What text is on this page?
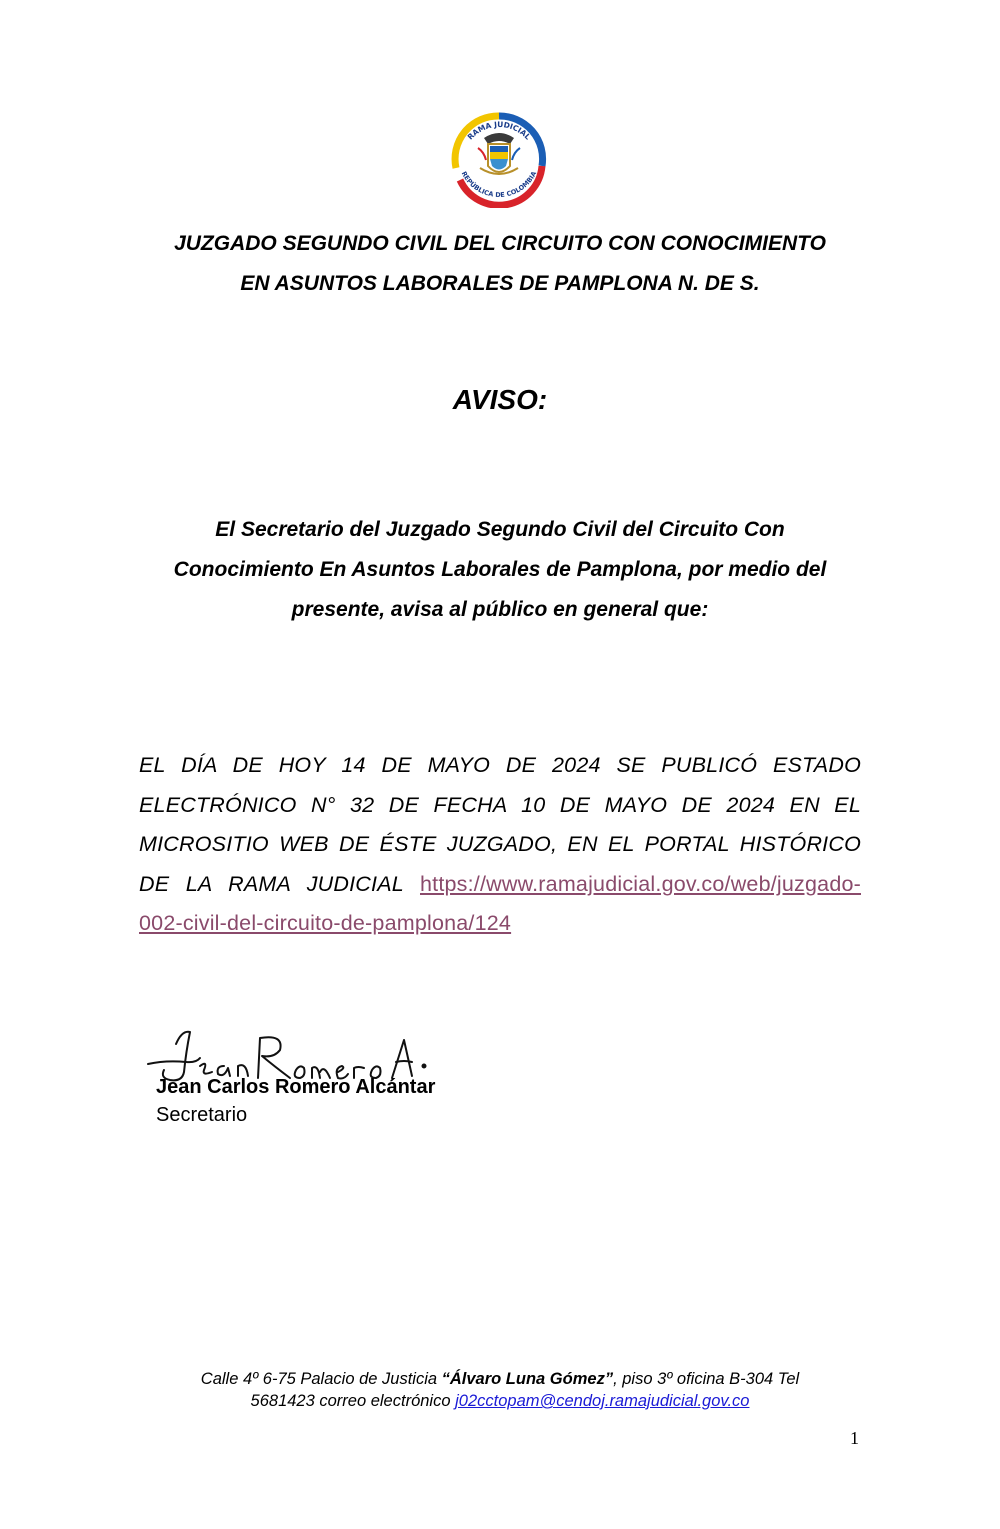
RAMA JUDICIAL
REPÚBLICA DE COLOMBIA
JUZGADO SEGUNDO CIVIL DEL CIRCUITO CON CONOCIMIENTO
EN ASUNTOS LABORALES DE PAMPLONA N. DE S.
AVISO:
El Secretario del Juzgado Segundo Civil del Circuito Con
Conocimiento En Asuntos Laborales de Pamplona, por medio del
presente, avisa al público en general que:
EL DÍA DE HOY 14 DE MAYO DE 2024 SE PUBLICÓ ESTADO ELECTRÓNICO N° 32 DE FECHA 10 DE MAYO DE 2024 EN EL MICROSITIO WEB DE ÉSTE JUZGADO, EN EL PORTAL HISTÓRICO DE LA RAMA JUDICIAL https://www.ramajudicial.gov.co/web/juzgado-002-civil-del-circuito-de-pamplona/124
Jean Carlos Romero Alcántar
Secretario
Calle 4º 6-75 Palacio de Justicia “Álvaro Luna Gómez”, piso 3º oficina B-304 Tel
5681423 correo electrónico j02cctopam@cendoj.ramajudicial.gov.co
1
